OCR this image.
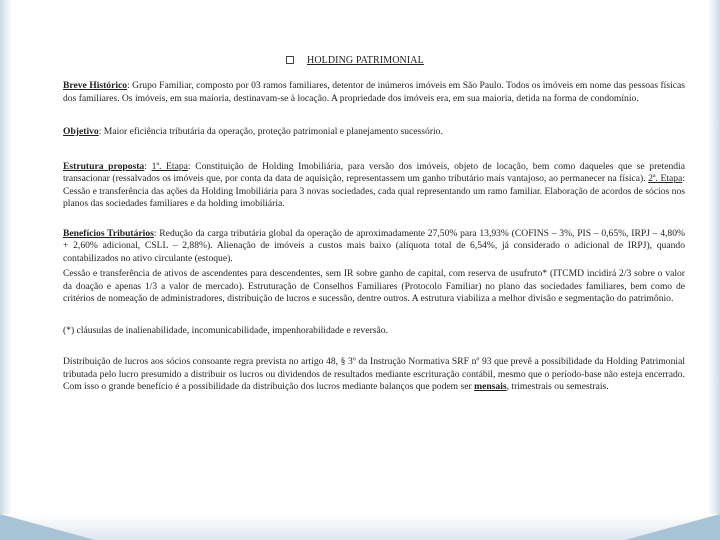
HOLDING PATRIMONIAL

Breve Histórico: Grupo Familiar, composto por 03 ramos familiares, detentor de inúmeros imóveis em São Paulo. Todos os imóveis em nome das pessoas físicas dos familiares. Os imóveis, em sua maioria, destinavam-se à locação. A propriedade dos imóveis era, em sua maioria, detida na forma de condomínio.

Objetivo: Maior eficiência tributária da operação, proteção patrimonial e planejamento sucessório.

Estrutura proposta: 1ª. Etapa: Constituição de Holding Imobiliária, para versão dos imóveis, objeto de locação, bem como daqueles que se pretendia transacionar (ressalvados os imóveis que, por conta da data de aquisição, representassem um ganho tributário mais vantajoso, ao permanecer na física). 2ª. Etapa: Cessão e transferência das ações da Holding Imobiliária para 3 novas sociedades, cada qual representando um ramo familiar. Elaboração de acordos de sócios nos planos das sociedades familiares e da holding imobiliária.

Benefícios Tributários: Redução da carga tributária global da operação de aproximadamente 27,50% para 13,93% (COFINS – 3%, PIS – 0,65%, IRPJ – 4,80% + 2,60% adicional, CSLL – 2,88%). Alienação de imóveis a custos mais baixo (alíquota total de 6,54%, já considerado o adicional de IRPJ), quando contabilizados no ativo circulante (estoque).

Cessão e transferência de ativos de ascendentes para descendentes, sem IR sobre ganho de capital, com reserva de usufruto* (ITCMD incidirá 2/3 sobre o valor da doação e apenas 1/3 a valor de mercado). Estruturação de Conselhos Familiares (Protocolo Familiar) no plano das sociedades familiares, bem como de critérios de nomeação de administradores, distribuição de lucros e sucessão, dentre outros. A estrutura viabiliza a melhor divisão e segmentação do patrimônio.

(*) cláusulas de inalienabilidade, incomunicabilidade, impenhorabilidade e reversão.

Distribuição de lucros aos sócios consoante regra prevista no artigo 48, § 3º da Instrução Normativa SRF nº 93 que prevê a possibilidade da Holding Patrimonial tributada pelo lucro presumido a distribuir os lucros ou dividendos de resultados mediante escrituração contábil, mesmo que o período-base não esteja encerrado. Com isso o grande benefício é a possibilidade da distribuição dos lucros mediante balanços que podem ser mensais, trimestrais ou semestrais.
